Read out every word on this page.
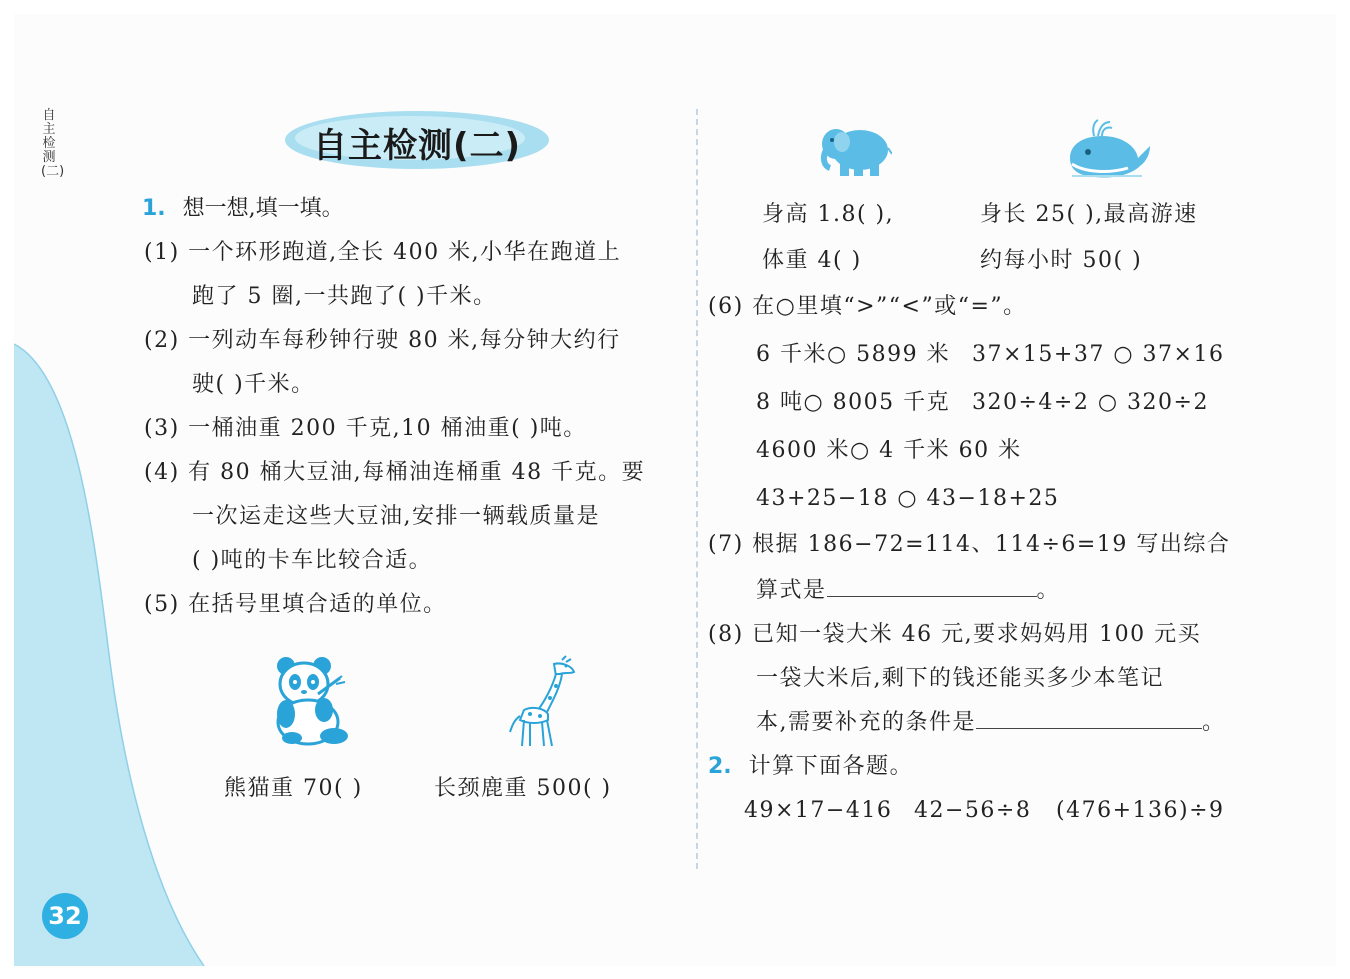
自主检测(二)
自主检测(二)
1. 想一想,填一填。
(1) 一个环形跑道,全长 400 米,小华在跑道上
跑了 5 圈,一共跑了( )千米。
(2) 一列动车每秒钟行驶 80 米,每分钟大约行
驶( )千米。
(3) 一桶油重 200 千克,10 桶油重( )吨。
(4) 有 80 桶大豆油,每桶油连桶重 48 千克。要
一次运走这些大豆油,安排一辆载质量是
( )吨的卡车比较合适。
(5) 在括号里填合适的单位。
熊猫重 70( )	长颈鹿重 500( )
身高 1.8( ),
体重 4( )
身长 25( ),最高游速
约每小时 50( )
(6) 在○里填“>”“<”或“=”。
6 千米○ 5899 米 37×15+37 ○ 37×16
8 吨○ 8005 千克 320÷4÷2 ○ 320÷2
4600 米○ 4 千米 60 米
43+25−18 ○ 43−18+25
(7) 根据 186−72=114、114÷6=19 写出综合
算式是	。
(8) 已知一袋大米 46 元,要求妈妈用 100 元买
一袋大米后,剩下的钱还能买多少本笔记
本,需要补充的条件是	。
2. 计算下面各题。
49×17−416 42−56÷8 (476+136)÷9
32
